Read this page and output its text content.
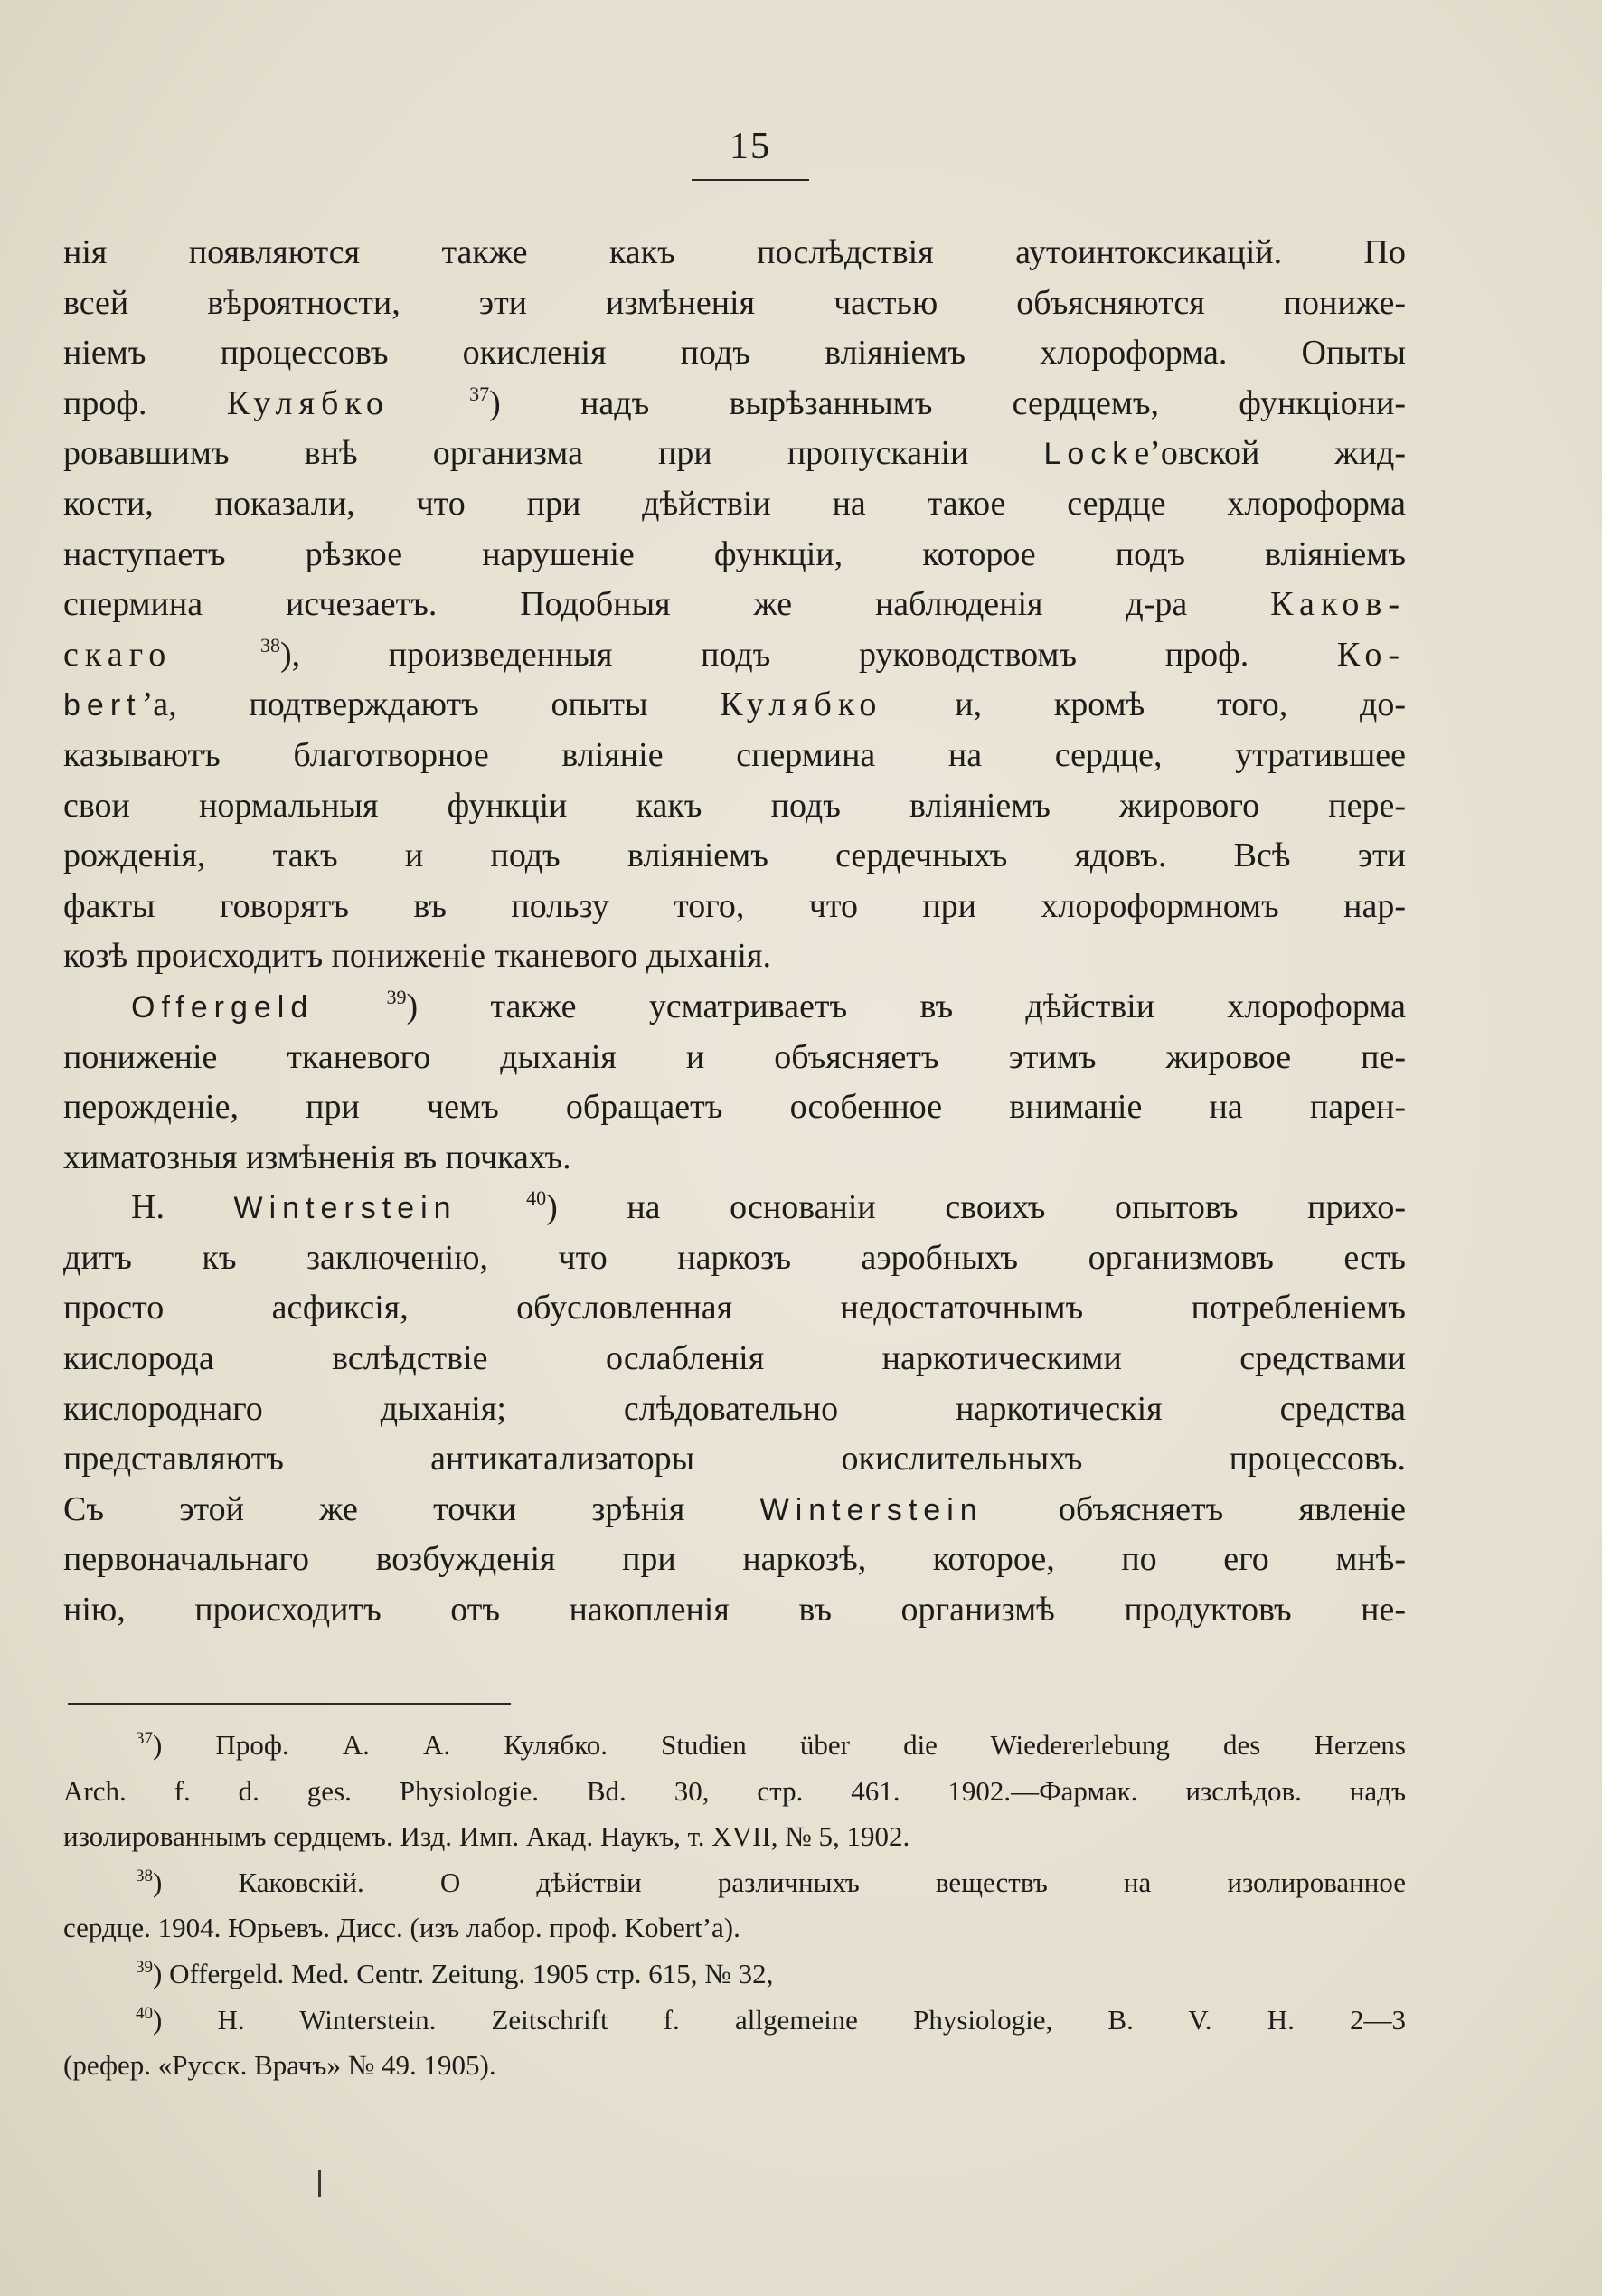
15
нія появляются также какъ послѣдствія аутоинтоксикацій. По
всей вѣроятности, эти измѣненія частью объясняются пониже-
ніемъ процессовъ окисленія подъ вліяніемъ хлороформа. Опыты
проф. Кулябко	$^{37}$) надъ вырѣзаннымъ сердцемъ, функціони-
ровавшимъ внѣ организма при пропусканіи Lockе’овской жид-
кости, показали, что при дѣйствіи на такое сердце хлороформа
наступаетъ рѣзкое нарушеніе функціи, которое подъ вліяніемъ
спермина исчезаетъ. Подобныя же наблюденія д-ра Каков-
скаго	$^{38}$), произведенныя подъ руководствомъ проф. Ко-
bert’а, подтверждаютъ опыты Кулябко и, кромѣ того, до-
казываютъ благотворное вліяніе спермина на сердце, утратившее
свои нормальныя функціи какъ подъ вліяніемъ жирового пере-
рожденія, такъ и подъ вліяніемъ сердечныхъ ядовъ. Всѣ эти
факты говорятъ въ пользу того, что при хлороформномъ нар-
козѣ происходитъ пониженіе тканевого дыханія.
Offergeld	$^{39}$) также усматриваетъ въ дѣйствіи хлороформа
пониженіе тканевого дыханія и объясняетъ этимъ жировое пе-
перожденіе, при чемъ обращаетъ особенное вниманіе на парен-
химатозныя измѣненія въ почкахъ.
H. Winterstein	$^{40}$) на основаніи своихъ опытовъ прихо-
дитъ къ заключенію, что наркозъ аэробныхъ организмовъ есть
просто асфиксія, обусловленная недостаточнымъ потребленіемъ
кислорода вслѣдствіе ослабленія наркотическими средствами
кислороднаго дыханія; слѣдовательно наркотическія средства
представляютъ антикатализаторы окислительныхъ процессовъ.
Съ этой же точки зрѣнія Winterstein объясняетъ явленіе
первоначальнаго возбужденія при наркозѣ, которое, по его мнѣ-
нію, происходитъ отъ накопленія въ организмѣ продуктовъ не-
$^{37}$) Проф. А. А. Кулябко. Studien über die Wiedererlebung des Herzens
Arch. f. d. ges. Physiologie. Bd. 30, стр. 461. 1902.—Фармак. изслѣдов. надъ
изолированнымъ сердцемъ. Изд. Имп. Акад. Наукъ, т. XVII, № 5, 1902.
$^{38}$) Каковскій. О дѣйствіи различныхъ веществъ на изолированное
сердце. 1904. Юрьевъ. Дисс. (изъ лабор. проф. Kobert’а).
$^{39}$) Offergeld. Med. Centr. Zeitung. 1905 стр. 615, № 32,
$^{40}$) H. Winterstein. Zeitschrift f. allgemeine Physiologie, B. V. H. 2—3
(рефер. «Русск. Врачъ» № 49. 1905).
